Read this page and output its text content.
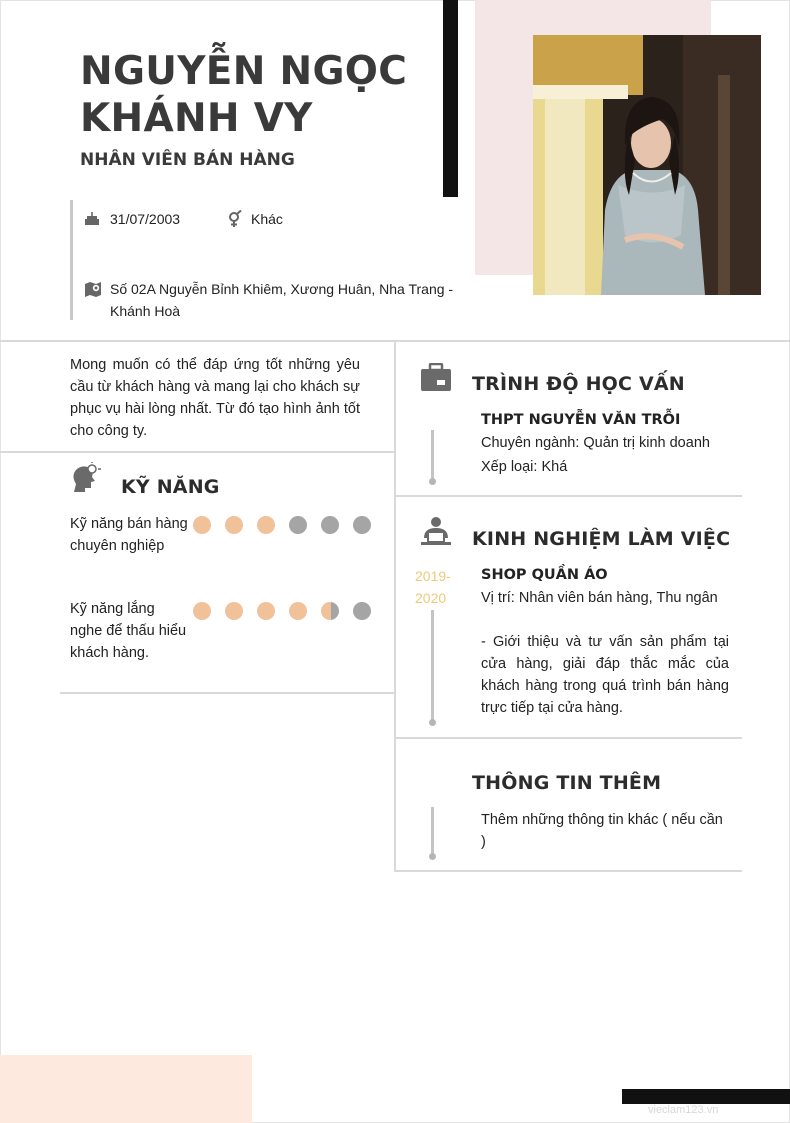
NGUYỄN NGỌC KHÁNH VY
NHÂN VIÊN BÁN HÀNG
31/07/2003	Khác
Số 02A Nguyễn Bỉnh Khiêm, Xương Huân, Nha Trang - Khánh Hoà
Mong muốn có thể đáp ứng tốt những yêu cầu từ khách hàng và mang lại cho khách sự phục vụ hài lòng nhất. Từ đó tạo hình ảnh tốt cho công ty.
KỸ NĂNG
Kỹ năng bán hàng chuyên nghiệp
Kỹ năng lắng nghe để thấu hiểu khách hàng.
TRÌNH ĐỘ HỌC VẤN
THPT NGUYỄN VĂN TRỖI
Chuyên ngành: Quản trị kinh doanh
Xếp loại: Khá
KINH NGHIỆM LÀM VIỆC
2019-
2020
SHOP QUẦN ÁO
Vị trí: Nhân viên bán hàng, Thu ngân
- Giới thiệu và tư vấn sản phẩm tại cửa hàng, giải đáp thắc mắc của khách hàng trong quá trình bán hàng trực tiếp tại cửa hàng.
THÔNG TIN THÊM
Thêm những thông tin khác ( nếu cần )
vieclam123.vn
